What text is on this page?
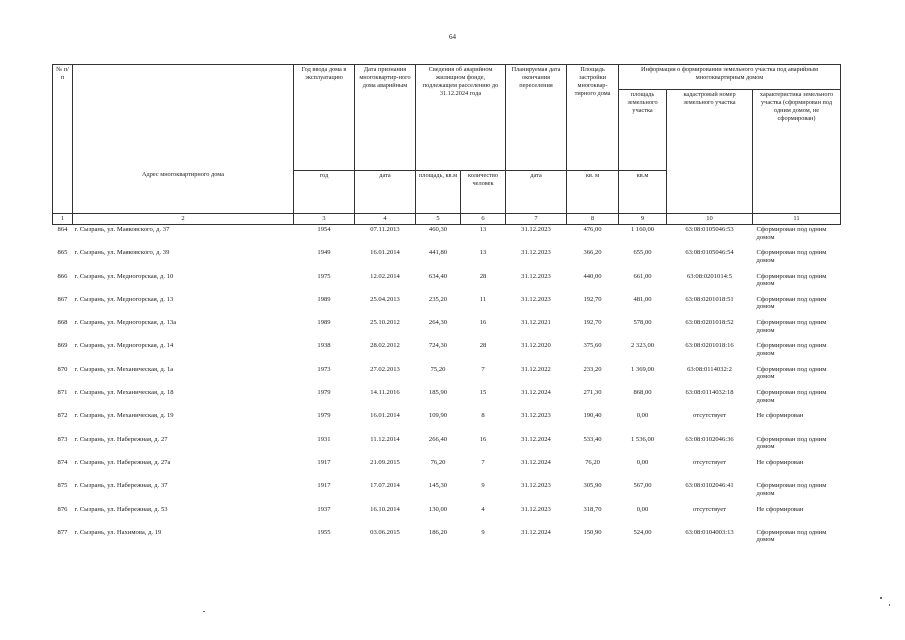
64
№ п/п	Адрес многоквартирного дома	Год ввода дома в эксплуатацию	Дата признания многоквартир-ного дома аварийным	Сведения об аварийном жилищном фонде, подлежащем расселению до 31.12.2024 года		Планируемая дата окончания переселения	Площадь застройки многоквар-тирного дома	Информация о формировании земельного участка под аварийным многоквартирным домом		
								площадь земельного участка	кадастровый номер земельного участка	характеристика земельного участка (сформирован под одним домом, не сформирован)
		год	дата	площадь, кв.м	количество человек	дата	кв. м	кв.м		
1	2	3	4	5	6	7	8	9	10	11
864	г. Сызрань, ул. Маяковского, д. 37	1954	07.11.2013	460,30	13	31.12.2023	476,00	1 160,00	63:08:0105046:53	Сформирован под одним домом
865	г. Сызрань, ул. Маяковского, д. 39	1949	16.01.2014	441,80	13	31.12.2023	366,20	655,00	63:08:0105046:54	Сформирован под одним домом
866	г. Сызрань, ул. Медногорская, д. 10	1975	12.02.2014	634,40	28	31.12.2023	440,00	661,00	63:08:0201014:5	Сформирован под одним домом
867	г. Сызрань, ул. Медногорская, д. 13	1989	25.04.2013	235,20	11	31.12.2023	192,70	481,00	63:08:0201018:51	Сформирован под одним домом
868	г. Сызрань, ул. Медногорская, д. 13а	1989	25.10.2012	264,30	16	31.12.2021	192,70	578,00	63:08:0201018:52	Сформирован под одним домом
869	г. Сызрань, ул. Медногорская, д. 14	1938	28.02.2012	724,30	28	31.12.2020	375,60	2 323,00	63:08:0201018:16	Сформирован под одним домом
870	г. Сызрань, ул. Механическая, д. 1а	1973	27.02.2013	75,20	7	31.12.2022	233,20	1 369,00	63:08:0114032:2	Сформирован под одним домом
871	г. Сызрань, ул. Механическая, д. 18	1979	14.11.2016	185,90	15	31.12.2024	271,30	868,00	63:08:0114032:18	Сформирован под одним домом
872	г. Сызрань, ул. Механическая, д. 19	1979	16.01.2014	109,90	8	31.12.2023	190,40	0,00	отсутствует	Не сформирован
873	г. Сызрань, ул. Набережная, д. 27	1931	11.12.2014	266,40	16	31.12.2024	533,40	1 536,00	63:08:0102046:36	Сформирован под одним домом
874	г. Сызрань, ул. Набережная, д. 27а	1917	21.09.2015	76,20	7	31.12.2024	76,20	0,00	отсутствует	Не сформирован
875	г. Сызрань, ул. Набережная, д. 37	1917	17.07.2014	145,30	9	31.12.2023	305,90	567,00	63:08:0102046:41	Сформирован под одним домом
876	г. Сызрань, ул. Набережная, д. 53	1937	16.10.2014	130,00	4	31.12.2023	318,70	0,00	отсутствует	Не сформирован
877	г. Сызрань, ул. Нахимова, д. 19	1955	03.06.2015	186,20	9	31.12.2024	150,90	524,00	63:08:0104003:13	Сформирован под одним домом
